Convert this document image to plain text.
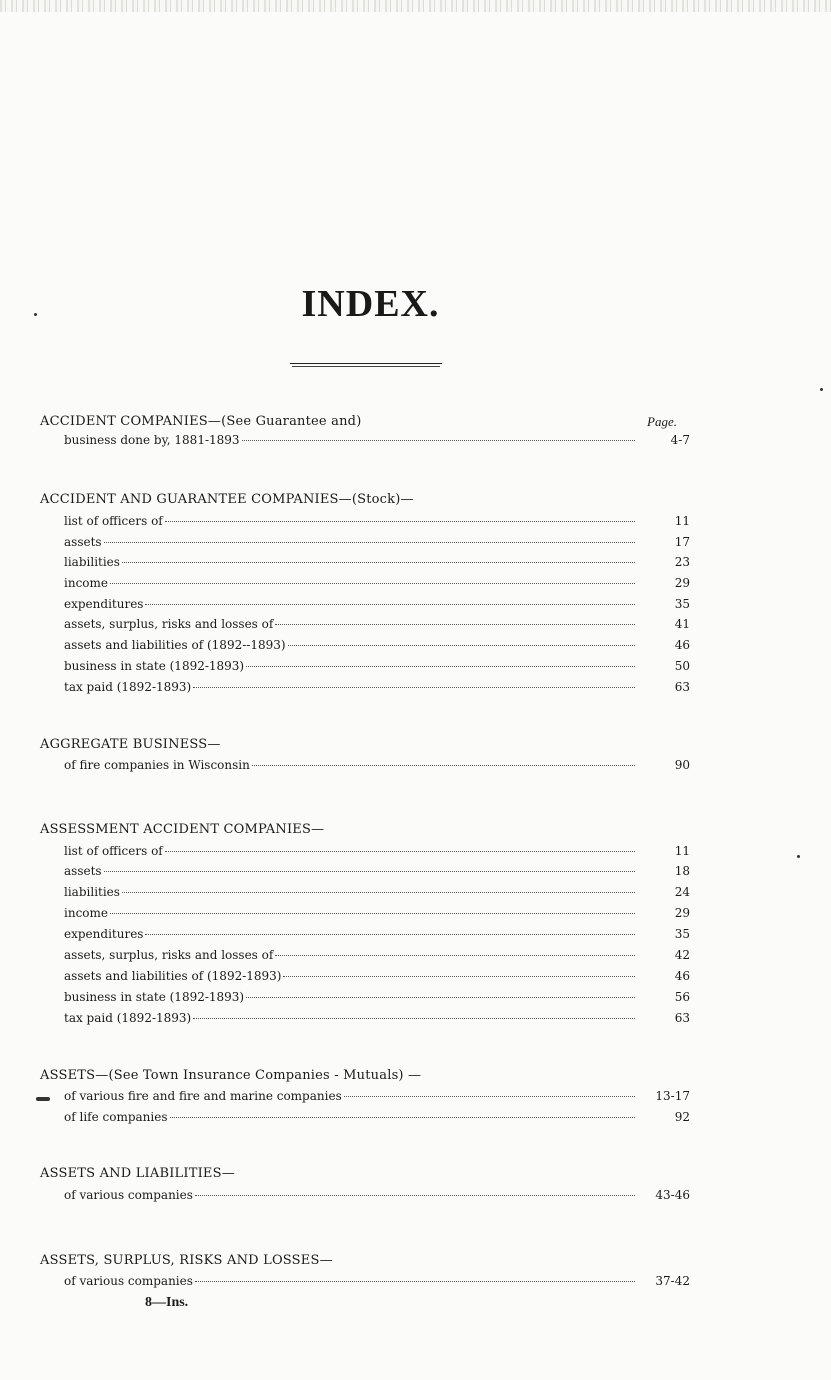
INDEX.
Page.
ACCIDENT COMPANIES—(See Guarantee and)
business done by, 1881-1893	4-7
ACCIDENT AND GUARANTEE COMPANIES—(Stock)—
list of officers of	11
assets	17
liabilities	23
income	29
expenditures	35
assets, surplus, risks and losses of	41
assets and liabilities of (1892--1893)	46
business in state (1892-1893)	50
tax paid (1892-1893)	63
AGGREGATE BUSINESS—
of fire companies in Wisconsin	90
ASSESSMENT ACCIDENT COMPANIES—
list of officers of	11
assets	18
liabilities	24
income	29
expenditures	35
assets, surplus, risks and losses of	42
assets and liabilities of (1892-1893)	46
business in state (1892-1893)	56
tax paid (1892-1893)	63
ASSETS—(See Town Insurance Companies - Mutuals) —
of various fire and fire and marine companies	13-17
of life companies	92
ASSETS AND LIABILITIES—
of various companies	43-46
ASSETS, SURPLUS, RISKS AND LOSSES—
of various companies	37-42
8—Ins.
